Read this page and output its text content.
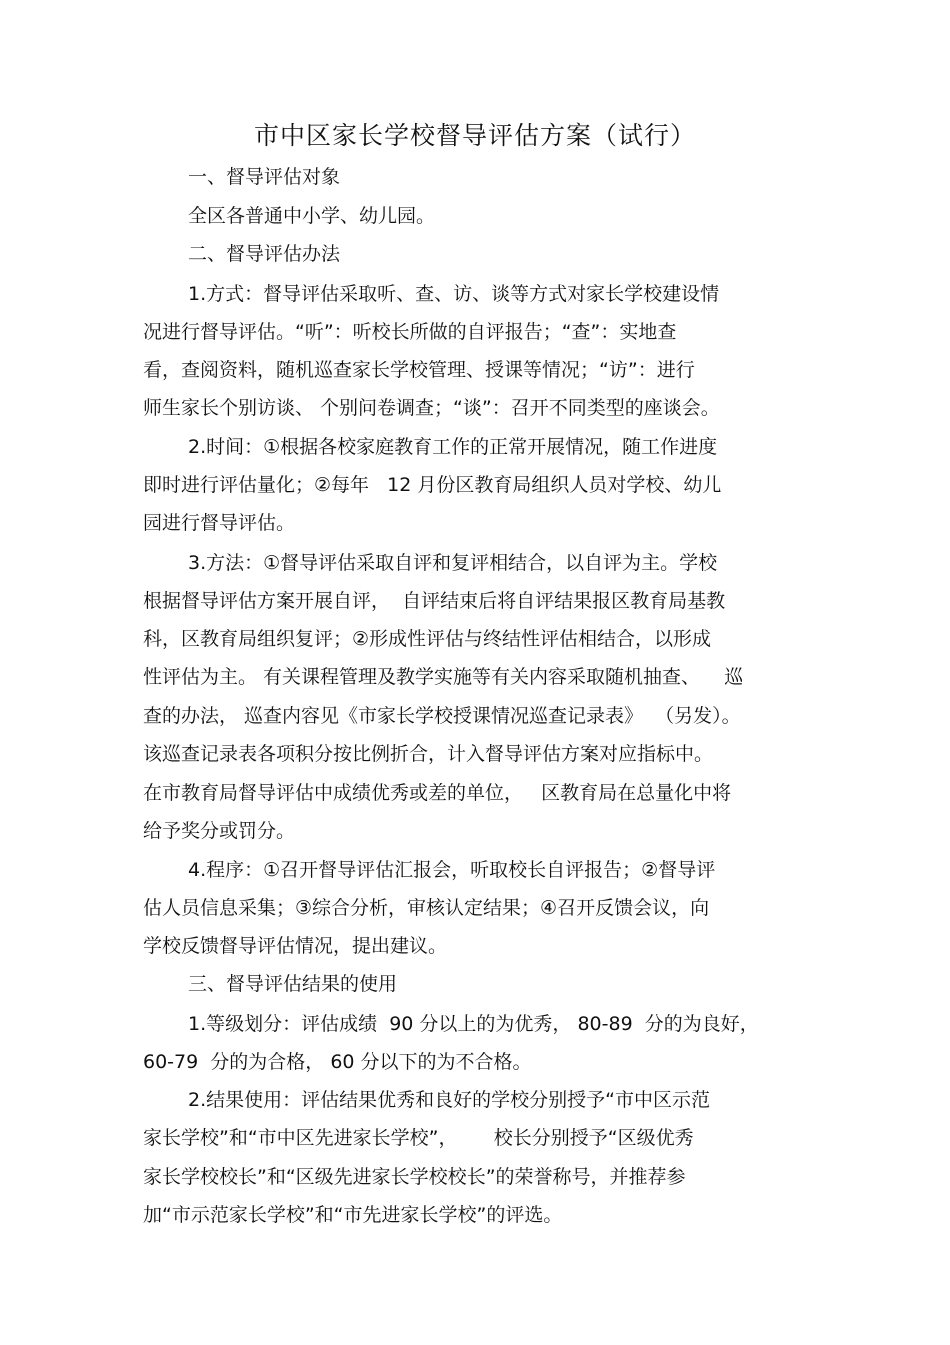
市中区家长学校督导评估方案（试行）
一、督导评估对象
全区各普通中小学、幼儿园。
二、督导评估办法
1.方式：督导评估采取听、查、访、谈等方式对家长学校建设情
况进行督导评估。“听”：听校长所做的自评报告；“查”：实地查
看，查阅资料，随机巡查家长学校管理、授课等情况；“访”：进行
师生家长个别访谈、 个别问卷调查；“谈”：召开不同类型的座谈会。
2.时间：①根据各校家庭教育工作的正常开展情况，随工作进度
即时进行评估量化；②每年   12 月份区教育局组织人员对学校、幼儿
园进行督导评估。
3.方法：①督导评估采取自评和复评相结合，以自评为主。学校
根据督导评估方案开展自评，  自评结束后将自评结果报区教育局基教
科，区教育局组织复评；②形成性评估与终结性评估相结合，以形成
性评估为主。 有关课程管理及教学实施等有关内容采取随机抽查、    巡
查的办法， 巡查内容见《市家长学校授课情况巡查记录表》  （另发）。
该巡查记录表各项积分按比例折合，计入督导评估方案对应指标中。
在市教育局督导评估中成绩优秀或差的单位，   区教育局在总量化中将
给予奖分或罚分。
4.程序：①召开督导评估汇报会，听取校长自评报告；②督导评
估人员信息采集；③综合分析，审核认定结果；④召开反馈会议，向
学校反馈督导评估情况，提出建议。
三、督导评估结果的使用
1.等级划分：评估成绩  90 分以上的为优秀， 80-89  分的为良好，
60-79  分的为合格， 60 分以下的为不合格。
2.结果使用：评估结果优秀和良好的学校分别授予“市中区示范
家长学校”和“市中区先进家长学校”，      校长分别授予“区级优秀
家长学校校长”和“区级先进家长学校校长”的荣誉称号，并推荐参
加“市示范家长学校”和“市先进家长学校”的评选。
